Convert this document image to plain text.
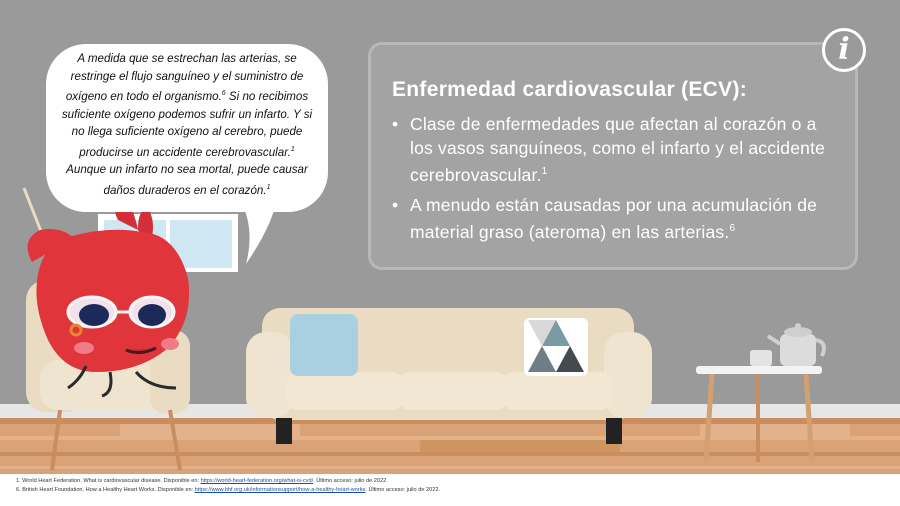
A medida que se estrechan las arterias, se restringe el flujo sanguíneo y el suministro de oxígeno en todo el organismo.$^6$ Si no recibimos suficiente oxígeno podemos sufrir un infarto. Y si no llega suficiente oxígeno al cerebro, puede producirse un accidente cerebrovascular.$^1$ Aunque un infarto no sea mortal, puede causar daños duraderos en el corazón.$^1$

i
Enfermedad cardiovascular (ECV):
• Clase de enfermedades que afectan al corazón o a los vasos sanguíneos, como el infarto y el accidente cerebrovascular.$^1$
• A menudo están causadas por una acumulación de material graso (ateroma) en las arterias.$^6$
1. World Heart Federation. What is cardiovascular disease. Disponible en: https://world-heart-federation.org/what-is-cvd/. Último acceso: julio de 2022.
6. British Heart Foundation. How a Healthy Heart Works. Disponible en: https://www.bhf.org.uk/informationsupport/how-a-healthy-heart-works. Último acceso: julio de 2022.
